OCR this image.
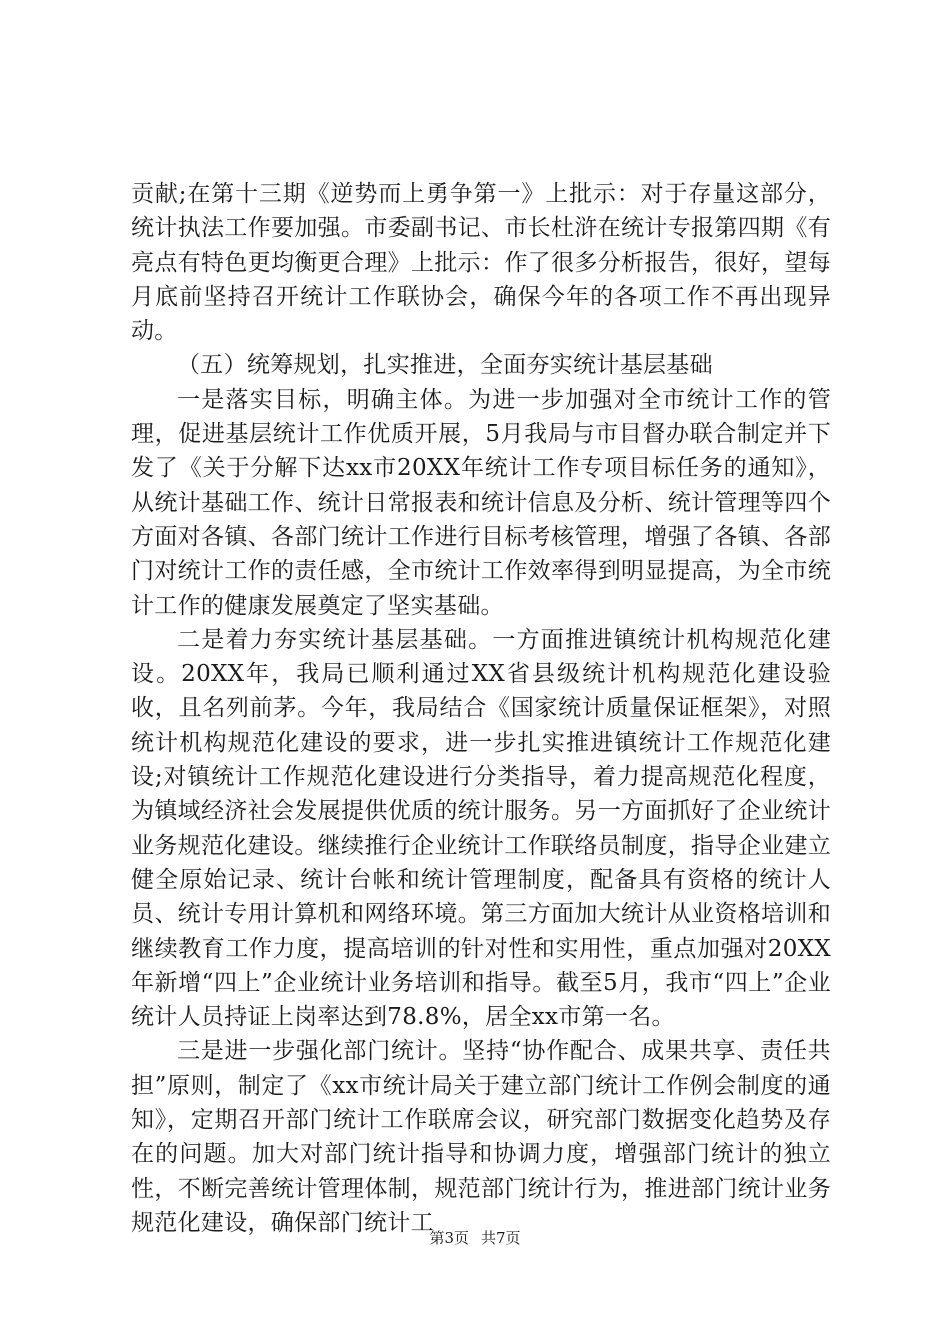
贡献;在第十三期《逆势而上勇争第一》上批示：对于存量这部分，统计执法工作要加强。市委副书记、市长杜浒在统计专报第四期《有亮点有特色更均衡更合理》上批示：作了很多分析报告，很好，望每月底前坚持召开统计工作联协会，确保今年的各项工作不再出现异动。

（五）统筹规划，扎实推进，全面夯实统计基层基础

一是落实目标，明确主体。为进一步加强对全市统计工作的管理，促进基层统计工作优质开展，5月我局与市目督办联合制定并下发了《关于分解下达xx市20XX年统计工作专项目标任务的通知》，从统计基础工作、统计日常报表和统计信息及分析、统计管理等四个方面对各镇、各部门统计工作进行目标考核管理，增强了各镇、各部门对统计工作的责任感，全市统计工作效率得到明显提高，为全市统计工作的健康发展奠定了坚实基础。

二是着力夯实统计基层基础。一方面推进镇统计机构规范化建设。20XX年，我局已顺利通过XX省县级统计机构规范化建设验收，且名列前茅。今年，我局结合《国家统计质量保证框架》，对照统计机构规范化建设的要求，进一步扎实推进镇统计工作规范化建设;对镇统计工作规范化建设进行分类指导，着力提高规范化程度，为镇域经济社会发展提供优质的统计服务。另一方面抓好了企业统计业务规范化建设。继续推行企业统计工作联络员制度，指导企业建立健全原始记录、统计台帐和统计管理制度，配备具有资格的统计人员、统计专用计算机和网络环境。第三方面加大统计从业资格培训和继续教育工作力度，提高培训的针对性和实用性，重点加强对20XX年新增“四上”企业统计业务培训和指导。截至5月，我市“四上”企业统计人员持证上岗率达到78.8%，居全xx市第一名。

三是进一步强化部门统计。坚持“协作配合、成果共享、责任共担”原则，制定了《xx市统计局关于建立部门统计工作例会制度的通知》，定期召开部门统计工作联席会议，研究部门数据变化趋势及存在的问题。加大对部门统计指导和协调力度，增强部门统计的独立性，不断完善统计管理体制，规范部门统计行为，推进部门统计业务规范化建设，确保部门统计工

第3页 共7页
